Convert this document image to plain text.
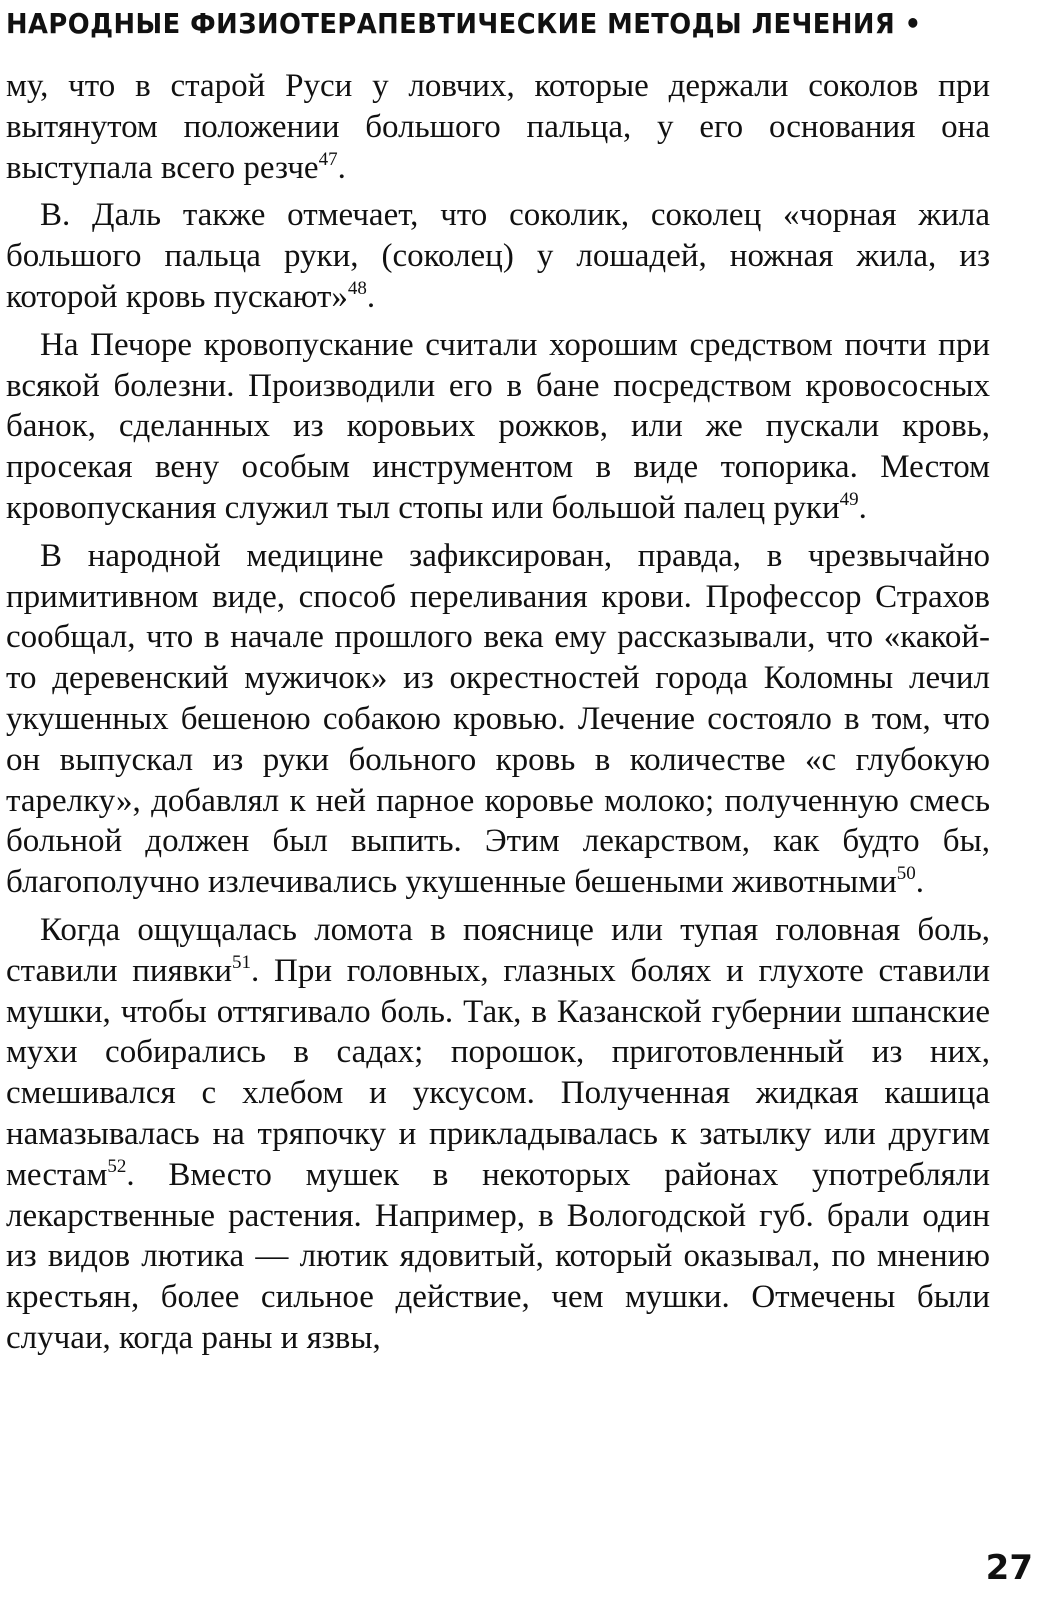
НАРОДНЫЕ ФИЗИОТЕРАПЕВТИЧЕСКИЕ МЕТОДЫ ЛЕЧЕНИЯ •

му, что в старой Руси у ловчих, которые держали соколов при вытянутом положении большого пальца, у его основания она выступала всего резче$^{47}$.

В. Даль также отмечает, что соколик, соколец «чорная жила большого пальца руки, (соколец) у лошадей, ножная жила, из которой кровь пускают»$^{48}$.

На Печоре кровопускание считали хорошим средством почти при всякой болезни. Производили его в бане посредством кровососных банок, сделанных из коровьих рожков, или же пускали кровь, просекая вену особым инструментом в виде топорика. Местом кровопускания служил тыл стопы или большой палец руки$^{49}$.

В народной медицине зафиксирован, правда, в чрезвычайно примитивном виде, способ переливания крови. Профессор Страхов сообщал, что в начале прошлого века ему рассказывали, что «какой-то деревенский мужичок» из окрестностей города Коломны лечил укушенных бешеною собакою кровью. Лечение состояло в том, что он выпускал из руки больного кровь в количестве «с глубокую тарелку», добавлял к ней парное коровье молоко; полученную смесь больной должен был выпить. Этим лекарством, как будто бы, благополучно излечивались укушенные бешеными животными$^{50}$.

Когда ощущалась ломота в пояснице или тупая головная боль, ставили пиявки$^{51}$. При головных, глазных болях и глухоте ставили мушки, чтобы оттягивало боль. Так, в Казанской губернии шпанские мухи собирались в садах; порошок, приготовленный из них, смешивался с хлебом и уксусом. Полученная жидкая кашица намазывалась на тряпочку и прикладывалась к затылку или другим местам$^{52}$. Вместо мушек в некоторых районах употребляли лекарственные растения. Например, в Вологодской губ. брали один из видов лютика — лютик ядовитый, который оказывал, по мнению крестьян, более сильное действие, чем мушки. Отмечены были случаи, когда раны и язвы,

27
